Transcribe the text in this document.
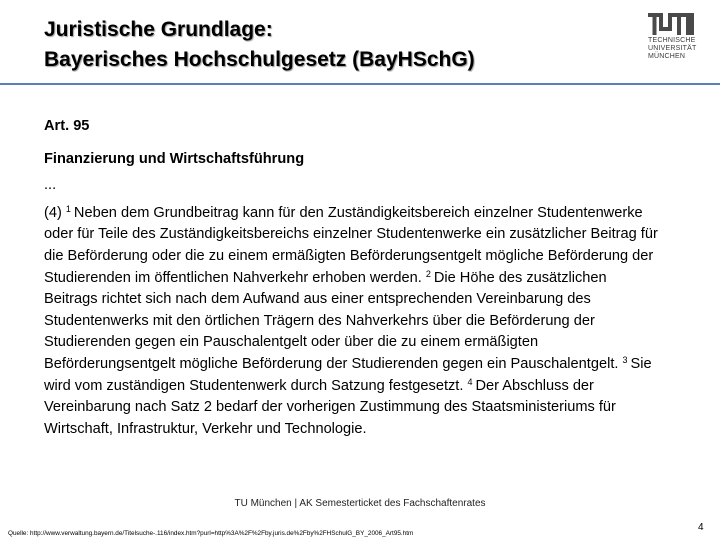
Juristische Grundlage:
Bayerisches Hochschulgesetz (BayHSchG)
TECHNISCHE
UNIVERSITÄT
MÜNCHEN
Art. 95
Finanzierung und Wirtschaftsführung
...
(4) $^1$ Neben dem Grundbeitrag kann für den Zuständigkeitsbereich einzelner Studentenwerke oder für Teile des Zuständigkeitsbereichs einzelner Studentenwerke ein zusätzlicher Beitrag für die Beförderung oder die zu einem ermäßigten Beförderungsentgelt mögliche Beförderung der Studierenden im öffentlichen Nahverkehr erhoben werden. $^2$ Die Höhe des zusätzlichen Beitrags richtet sich nach dem Aufwand aus einer entsprechenden Vereinbarung des Studentenwerks mit den örtlichen Trägern des Nahverkehrs über die Beförderung der Studierenden gegen ein Pauschalentgelt oder über die zu einem ermäßigten Beförderungsentgelt mögliche Beförderung der Studierenden gegen ein Pauschalentgelt. $^3$ Sie wird vom zuständigen Studentenwerk durch Satzung festgesetzt. $^4$ Der Abschluss der Vereinbarung nach Satz 2 bedarf der vorherigen Zustimmung des Staatsministeriums für Wirtschaft, Infrastruktur, Verkehr und Technologie.
TU München | AK Semesterticket des Fachschaftenrates
4
Quelle: http://www.verwaltung.bayern.de/Titelsuche-.116/index.htm?purl=http%3A%2F%2Fby.juris.de%2Fby%2FHSchulG_BY_2006_Art95.htm
